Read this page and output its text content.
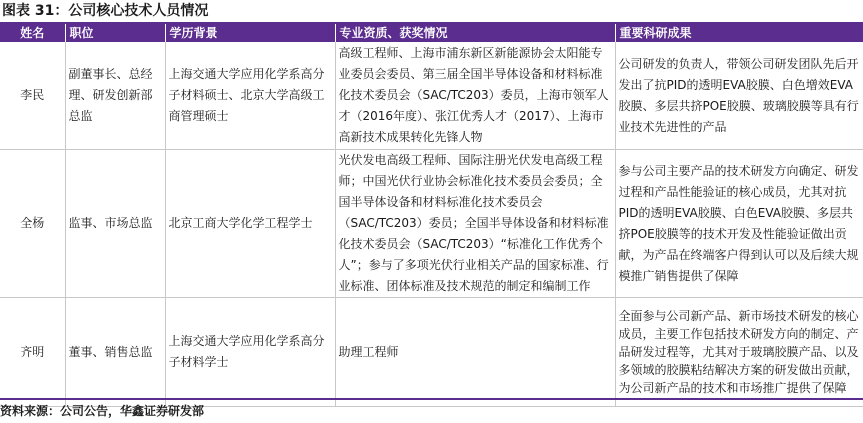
图表 31：公司核心技术人员情况
姓名	职位	学历背景	专业资质、获奖情况	重要科研成果
李民	副董事长、总经理、研发创新部总监	上海交通大学应用化学系高分子材料硕士、北京大学高级工商管理硕士	高级工程师、上海市浦东新区新能源协会太阳能专业委员会委员、第三届全国半导体设备和材料标准化技术委员会（SAC/TC203）委员，上海市领军人才（2016年度）、张江优秀人才（2017）、上海市高新技术成果转化先锋人物	公司研发的负责人，带领公司研发团队先后开发出了抗PID的透明EVA胶膜、白色增效EVA胶膜、多层共挤POE胶膜、玻璃胶膜等具有行业技术先进性的产品
全杨	监事、市场总监	北京工商大学化学工程学士	光伏发电高级工程师、国际注册光伏发电高级工程师；中国光伏行业协会标准化技术委员会委员；全国半导体设备和材料标准化技术委员会（SAC/TC203）委员；全国半导体设备和材料标准化技术委员会（SAC/TC203）“标准化工作优秀个人”；参与了多项光伏行业相关产品的国家标准、行业标准、团体标准及技术规范的制定和编制工作	参与公司主要产品的技术研发方向确定、研发过程和产品性能验证的核心成员，尤其对抗PID的透明EVA胶膜、白色EVA胶膜、多层共挤POE胶膜等的技术开发及性能验证做出贡献，为产品在终端客户得到认可以及后续大规模推广销售提供了保障
齐明	董事、销售总监	上海交通大学应用化学系高分子材料学士	助理工程师	全面参与公司新产品、新市场技术研发的核心成员，主要工作包括技术研发方向的制定、产品研发过程等，尤其对于玻璃胶膜产品、以及多领域的胶膜粘结解决方案的研发做出贡献，为公司新产品的技术和市场推广提供了保障
资料来源：公司公告，华鑫证券研发部
